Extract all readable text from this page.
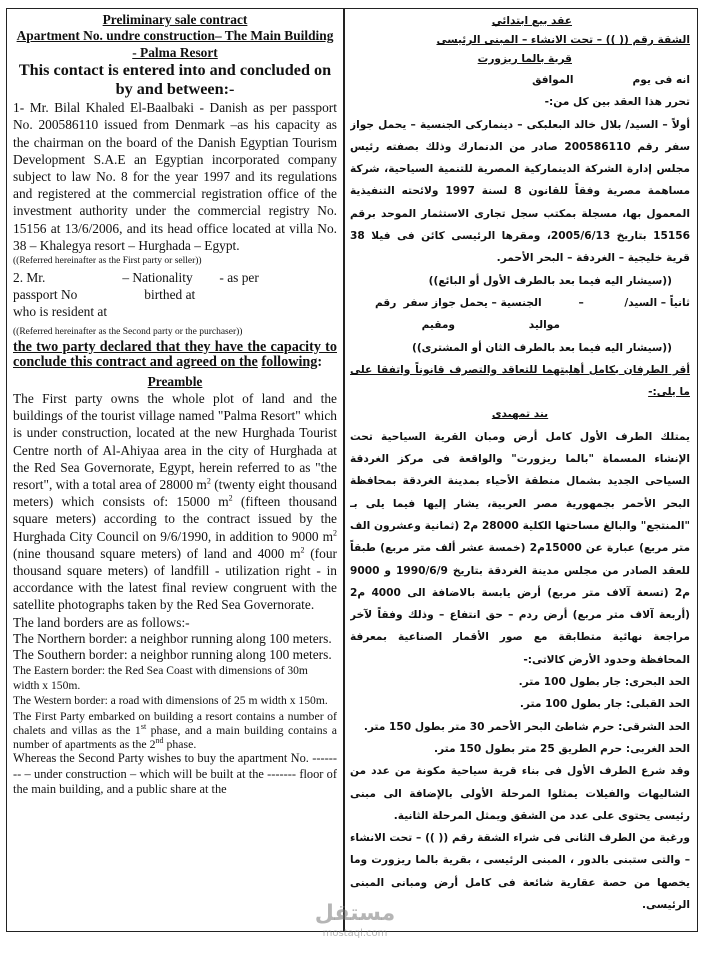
Preliminary sale contract
Apartment No. undre construction– The Main Building - Palma Resort
This contact is entered into and concluded on by and between:-

1- Mr. Bilal Khaled El-Baalbaki - Danish as per passport No. 200586110 issued from Denmark –as his capacity as the chairman on the board of the Danish Egyptian Tourism Development S.A.E an Egyptian incorporated company subject to law No. 8 for the year 1997 and its regulations and registered at the commercial registration office of the investment authority under the commercial registry No. 15156 at 13/6/2006, and its head office located at villa No. 38 – Khalegya resort – Hurghada – Egypt.

((Referred hereinafter as the First party or seller))

2. Mr.                       – Nationality        - as per

passport No                    birthed at

who is resident at

((Referred hereinafter as the Second party or the purchaser))

the two party declared that they have the capacity to conclude this contract and agreed on the following:

Preamble

The First party owns the whole plot of land and the buildings of the tourist village named "Palma Resort" which is under construction, located at the new Hurghada Tourist Centre north of Al-Ahiyaa area in the city of Hurghada at the Red Sea Governorate, Egypt, herein referred to as "the resort", with a total area of 28000 $m^2$ (twenty eight thousand meters) which consists of: 15000 $m^2$ (fifteen thousand square meters) according to the contract issued by the Hurghada City Council on 9/6/1990, in addition to 9000 $m^2$ (nine thousand square meters) of land and 4000 $m^2$ (four thousand square meters) of landfill - utilization right - in accordance with the latest final review congruent with the satellite photographs taken by the Red Sea Governorate.

The land borders are as follows:-

The Northern border: a neighbor running along 100 meters.

The Southern border: a neighbor running along 100 meters.

The Eastern border: the Red Sea Coast with dimensions of 30m width x 150m.

The Western border: a road with dimensions of 25 m width x 150m.

The First Party embarked on building a resort contains a number of chalets and villas as the 1st phase, and a main building contains a number of apartments as the 2nd phase.

Whereas the Second Party wishes to buy the apartment No. -------- – under construction – which will be built at the ------- floor of the main building, and a public share at the

عقد بيع ابتدائي
الشقة رقم (( )) – تحت الانشاء – المبنى الرئيسى
قرية بالما ريزورت

انه فى يوم                الموافق

تحرر هذا العقد بين كل من:-

أولاً – السيد/ بلال خالد البعلبكى – دينماركى الجنسية – يحمل جواز سفر رقم 200586110 صادر من الدنمارك وذلك بصفته رئيس مجلس إدارة الشركة الدينماركية المصرية للتنمية السياحية، شركة مساهمة مصرية وفقاً للقانون 8 لسنة 1997 ولائحته التنفيذية المعمول بها، مسجلة بمكتب سجل تجارى الاستثمار الموحد برقم 15156 بتاريخ 2005/6/13، ومقرها الرئيسى كائن فى فيلا 38 قرية خليجية – الغردقة – البحر الأحمر.

((سيشار اليه فيما بعد بالطرف الأول أو البائع))

ثانياً – السيد/           –          الجنسية – يحمل جواز سفر  رقم

مواليد                    ومقيم

((سيشار اليه فيما بعد بالطرف الثان أو المشترى))

أقر الطرفان بكامل أهليتهما للتعاقد والتصرف قانوناً واتفقا على ما يلى:-

بند تمهيدى

يمتلك الطرف الأول كامل أرض ومبان القرية السياحية تحت الإنشاء المسماة "بالما ريزورت" والواقعة فى مركز الغردقة السياحى الجديد بشمال منطقة الأحياء بمدينة الغردقة بمحافظة البحر الأحمر بجمهورية مصر العربية، يشار إليها فيما يلى بـ "المنتجع" والبالغ مساحتها الكلية 28000 م2 (ثمانية وعشرون الف متر مربع) عبارة عن 15000م2 (خمسة عشر ألف متر مربع) طبقاً للعقد الصادر من مجلس مدينة الغردقة بتاريخ 1990/6/9 و 9000 م2 (تسعة آلاف متر مربع) أرض يابسة بالاضافة الى 4000 م2 (أربعة آلاف متر مربع) أرض ردم – حق انتفاع – وذلك وفقاً لآخر مراجعة نهائية متطابقة مع صور الأقمار الصناعية بمعرفة المحافظة وحدود الأرض كالاتى:-

الحد البحرى: جار بطول 100 متر.

الحد القبلى: جار بطول 100 متر.

الحد الشرقى: حرم شاطئ البحر الأحمر 30 متر بطول 150 متر.

الحد الغربى: حرم الطريق 25 متر بطول 150 متر.

وقد شرع الطرف الأول فى بناء قرية سياحية مكونة من عدد من الشاليهات والفيلات يمثلوا المرحلة الأولى بالإضافة الى مبنى رئيسى يحتوى على عدد من الشقق ويمثل المرحلة الثانية.

ورغبة من الطرف الثانى فى شراء الشقة رقم (( )) – تحت الانشاء – والتى ستبنى بالدور ، المبنى الرئيسى ، بقرية بالما ريزورت وما يخصها من حصة عقارية شائعة فى كامل أرض ومبانى المبنى الرئيسى.

مستقل
mostaql.com
